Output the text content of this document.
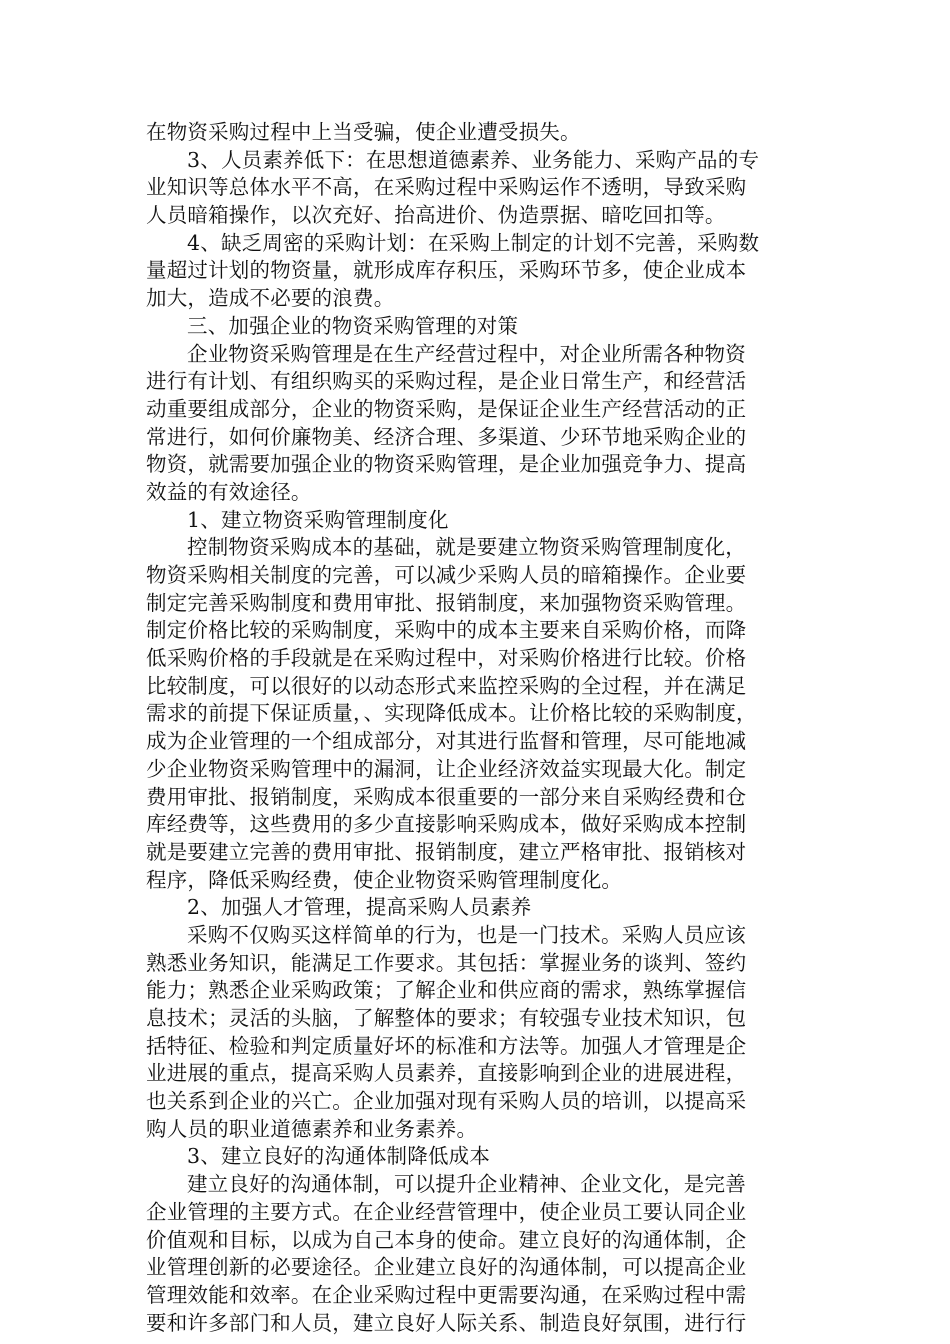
在物资采购过程中上当受骗，使企业遭受损失。
3、人员素养低下：在思想道德素养、业务能力、采购产品的专
业知识等总体水平不高，在采购过程中采购运作不透明，导致采购
人员暗箱操作，以次充好、抬高进价、伪造票据、暗吃回扣等。
4、缺乏周密的采购计划：在采购上制定的计划不完善，采购数
量超过计划的物资量，就形成库存积压，采购环节多，使企业成本
加大，造成不必要的浪费。
三、加强企业的物资采购管理的对策
企业物资采购管理是在生产经营过程中，对企业所需各种物资
进行有计划、有组织购买的采购过程，是企业日常生产，和经营活
动重要组成部分，企业的物资采购，是保证企业生产经营活动的正
常进行，如何价廉物美、经济合理、多渠道、少环节地采购企业的
物资，就需要加强企业的物资采购管理，是企业加强竞争力、提高
效益的有效途径。
1、建立物资采购管理制度化
控制物资采购成本的基础，就是要建立物资采购管理制度化，
物资采购相关制度的完善，可以减少采购人员的暗箱操作。企业要
制定完善采购制度和费用审批、报销制度，来加强物资采购管理。
制定价格比较的采购制度，采购中的成本主要来自采购价格，而降
低采购价格的手段就是在采购过程中，对采购价格进行比较。价格
比较制度，可以很好的以动态形式来监控采购的全过程，并在满足
需求的前提下保证质量，、实现降低成本。让价格比较的采购制度，
成为企业管理的一个组成部分，对其进行监督和管理，尽可能地减
少企业物资采购管理中的漏洞，让企业经济效益实现最大化。制定
费用审批、报销制度，采购成本很重要的一部分来自采购经费和仓
库经费等，这些费用的多少直接影响采购成本，做好采购成本控制
就是要建立完善的费用审批、报销制度，建立严格审批、报销核对
程序，降低采购经费，使企业物资采购管理制度化。
2、加强人才管理，提高采购人员素养
采购不仅购买这样简单的行为，也是一门技术。采购人员应该
熟悉业务知识，能满足工作要求。其包括：掌握业务的谈判、签约
能力；熟悉企业采购政策；了解企业和供应商的需求，熟练掌握信
息技术；灵活的头脑，了解整体的要求；有较强专业技术知识，包
括特征、检验和判定质量好坏的标准和方法等。加强人才管理是企
业进展的重点，提高采购人员素养，直接影响到企业的进展进程，
也关系到企业的兴亡。企业加强对现有采购人员的培训，以提高采
购人员的职业道德素养和业务素养。
3、建立良好的沟通体制降低成本
建立良好的沟通体制，可以提升企业精神、企业文化，是完善
企业管理的主要方式。在企业经营管理中，使企业员工要认同企业
价值观和目标，以成为自己本身的使命。建立良好的沟通体制，企
业管理创新的必要途径。企业建立良好的沟通体制，可以提高企业
管理效能和效率。在企业采购过程中更需要沟通，在采购过程中需
要和许多部门和人员，建立良好人际关系、制造良好氛围，进行行
